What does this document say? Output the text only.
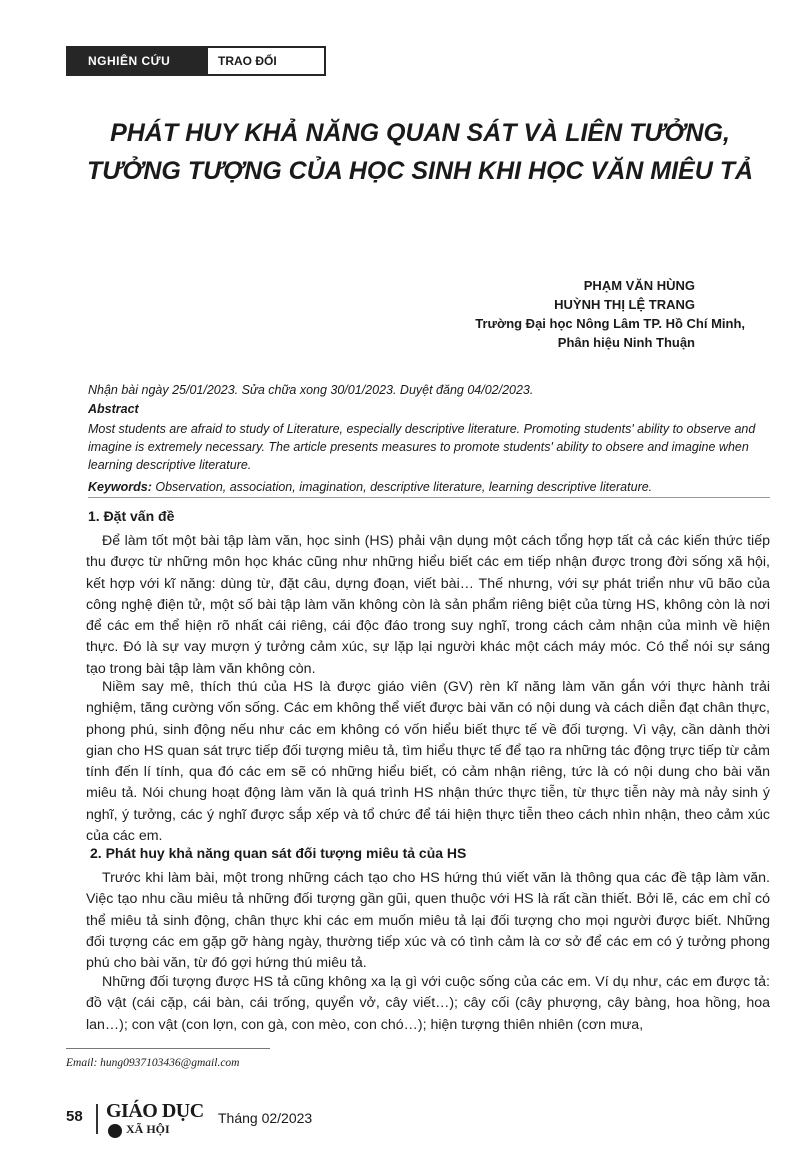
NGHIÊN CỨU	TRAO ĐỔI
PHÁT HUY KHẢ NĂNG QUAN SÁT VÀ LIÊN TƯỞNG,
TƯỞNG TƯỢNG CỦA HỌC SINH KHI HỌC VĂN MIÊU TẢ
PHẠM VĂN HÙNG
HUỲNH THỊ LỆ TRANG
Trường Đại học Nông Lâm TP. Hồ Chí Minh,
Phân hiệu Ninh Thuận
Nhận bài ngày 25/01/2023. Sửa chữa xong 30/01/2023. Duyệt đăng 04/02/2023.
Abstract

Most students are afraid to study of Literature, especially descriptive literature. Promoting students' ability to observe and imagine is extremely necessary. The article presents measures to promote students' ability to obsere and imagine when learning descriptive literature.

Keywords: Observation, association, imagination, descriptive literature, learning descriptive literature.

1. Đặt vấn đề

Để làm tốt một bài tập làm văn, học sinh (HS) phải vận dụng một cách tổng hợp tất cả các kiến thức tiếp thu được từ những môn học khác cũng như những hiểu biết các em tiếp nhận được trong đời sống xã hội, kết hợp với kĩ năng: dùng từ, đặt câu, dựng đoạn, viết bài… Thế nhưng, với sự phát triển như vũ bão của công nghệ điện tử, một số bài tập làm văn không còn là sản phẩm riêng biệt của từng HS, không còn là nơi để các em thể hiện rõ nhất cái riêng, cái độc đáo trong suy nghĩ, trong cách cảm nhận của mình về hiện thực. Đó là sự vay mượn ý tưởng cảm xúc, sự lặp lại người khác một cách máy móc. Có thể nói sự sáng tạo trong bài tập làm văn không còn.

Niềm say mê, thích thú của HS là được giáo viên (GV) rèn kĩ năng làm văn gắn với thực hành trải nghiệm, tăng cường vốn sống. Các em không thể viết được bài văn có nội dung và cách diễn đạt chân thực, phong phú, sinh động nếu như các em không có vốn hiểu biết thực tế về đối tượng. Vì vậy, cần dành thời gian cho HS quan sát trực tiếp đối tượng miêu tả, tìm hiểu thực tế để tạo ra những tác động trực tiếp từ cảm tính đến lí tính, qua đó các em sẽ có những hiểu biết, có cảm nhận riêng, tức là có nội dung cho bài văn miêu tả. Nói chung hoạt động làm văn là quá trình HS nhận thức thực tiễn, từ thực tiễn này mà nảy sinh ý nghĩ, ý tưởng, các ý nghĩ được sắp xếp và tổ chức để tái hiện thực tiễn theo cách nhìn nhận, theo cảm xúc của các em.

2. Phát huy khả năng quan sát đối tượng miêu tả của HS

Trước khi làm bài, một trong những cách tạo cho HS hứng thú viết văn là thông qua các đề tập làm văn. Việc tạo nhu cầu miêu tả những đối tượng gần gũi, quen thuộc với HS là rất cần thiết. Bởi lẽ, các em chỉ có thể miêu tả sinh động, chân thực khi các em muốn miêu tả lại đối tượng cho mọi người được biết. Những đối tượng các em gặp gỡ hàng ngày, thường tiếp xúc và có tình cảm là cơ sở để các em có ý tưởng phong phú cho bài văn, từ đó gợi hứng thú miêu tả.

Những đối tượng được HS tả cũng không xa lạ gì với cuộc sống của các em. Ví dụ như, các em được tả: đồ vật (cái cặp, cái bàn, cái trống, quyển vở, cây viết…); cây cối (cây phượng, cây bàng, hoa hồng, hoa lan…); con vật (con lợn, con gà, con mèo, con chó…); hiện tượng thiên nhiên (cơn mưa,

Email: hung0937103436@gmail.com
58 GIÁO DỤC
XÃ HỘI
Tháng 02/2023
